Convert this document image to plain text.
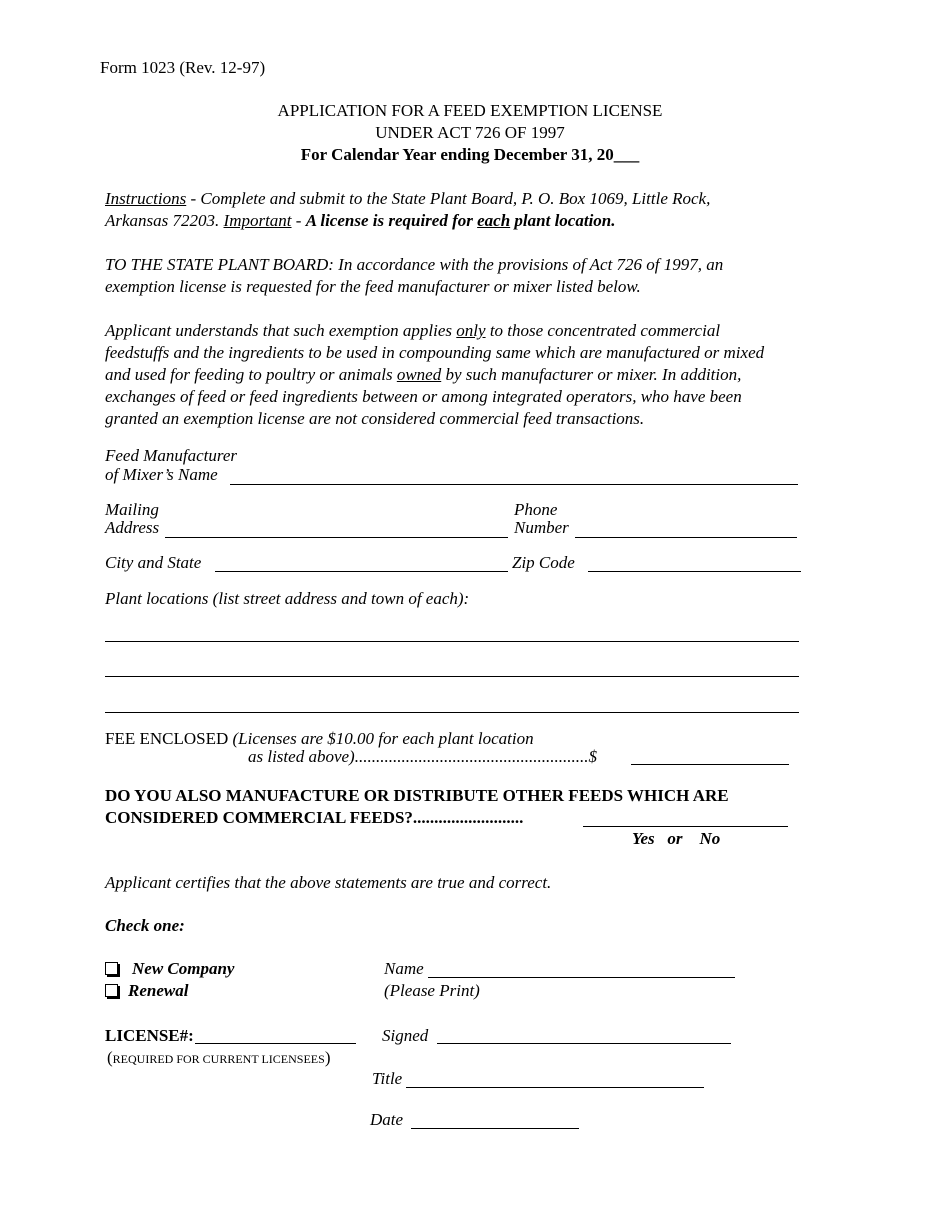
Form 1023 (Rev. 12-97)
APPLICATION FOR A FEED EXEMPTION LICENSE
UNDER ACT 726 OF 1997
For Calendar Year ending December 31, 20___
Instructions - Complete and submit to the State Plant Board, P. O. Box 1069, Little Rock,
Arkansas 72203. Important - A license is required for each plant location.
TO THE STATE PLANT BOARD: In accordance with the provisions of Act 726 of 1997, an
exemption license is requested for the feed manufacturer or mixer listed below.
Applicant understands that such exemption applies only to those concentrated commercial
feedstuffs and the ingredients to be used in compounding same which are manufactured or mixed
and used for feeding to poultry or animals owned by such manufacturer or mixer. In addition,
exchanges of feed or feed ingredients between or among integrated operators, who have been
granted an exemption license are not considered commercial feed transactions.
Feed Manufacturer
of Mixer’s Name
Mailing
Address
Phone
Number
City and State	Zip Code
Plant locations (list street address and town of each):
FEE ENCLOSED (Licenses are $10.00 for each plant location
as listed above).......................................................$
DO YOU ALSO MANUFACTURE OR DISTRIBUTE OTHER FEEDS WHICH ARE
CONSIDERED COMMERCIAL FEEDS?..........................
Yes   or    No
Applicant certifies that the above statements are true and correct.
Check one:
New Company
Renewal
Name
(Please Print)
LICENSE#:
(REQUIRED FOR CURRENT LICENSEES)
Signed
Title
Date
